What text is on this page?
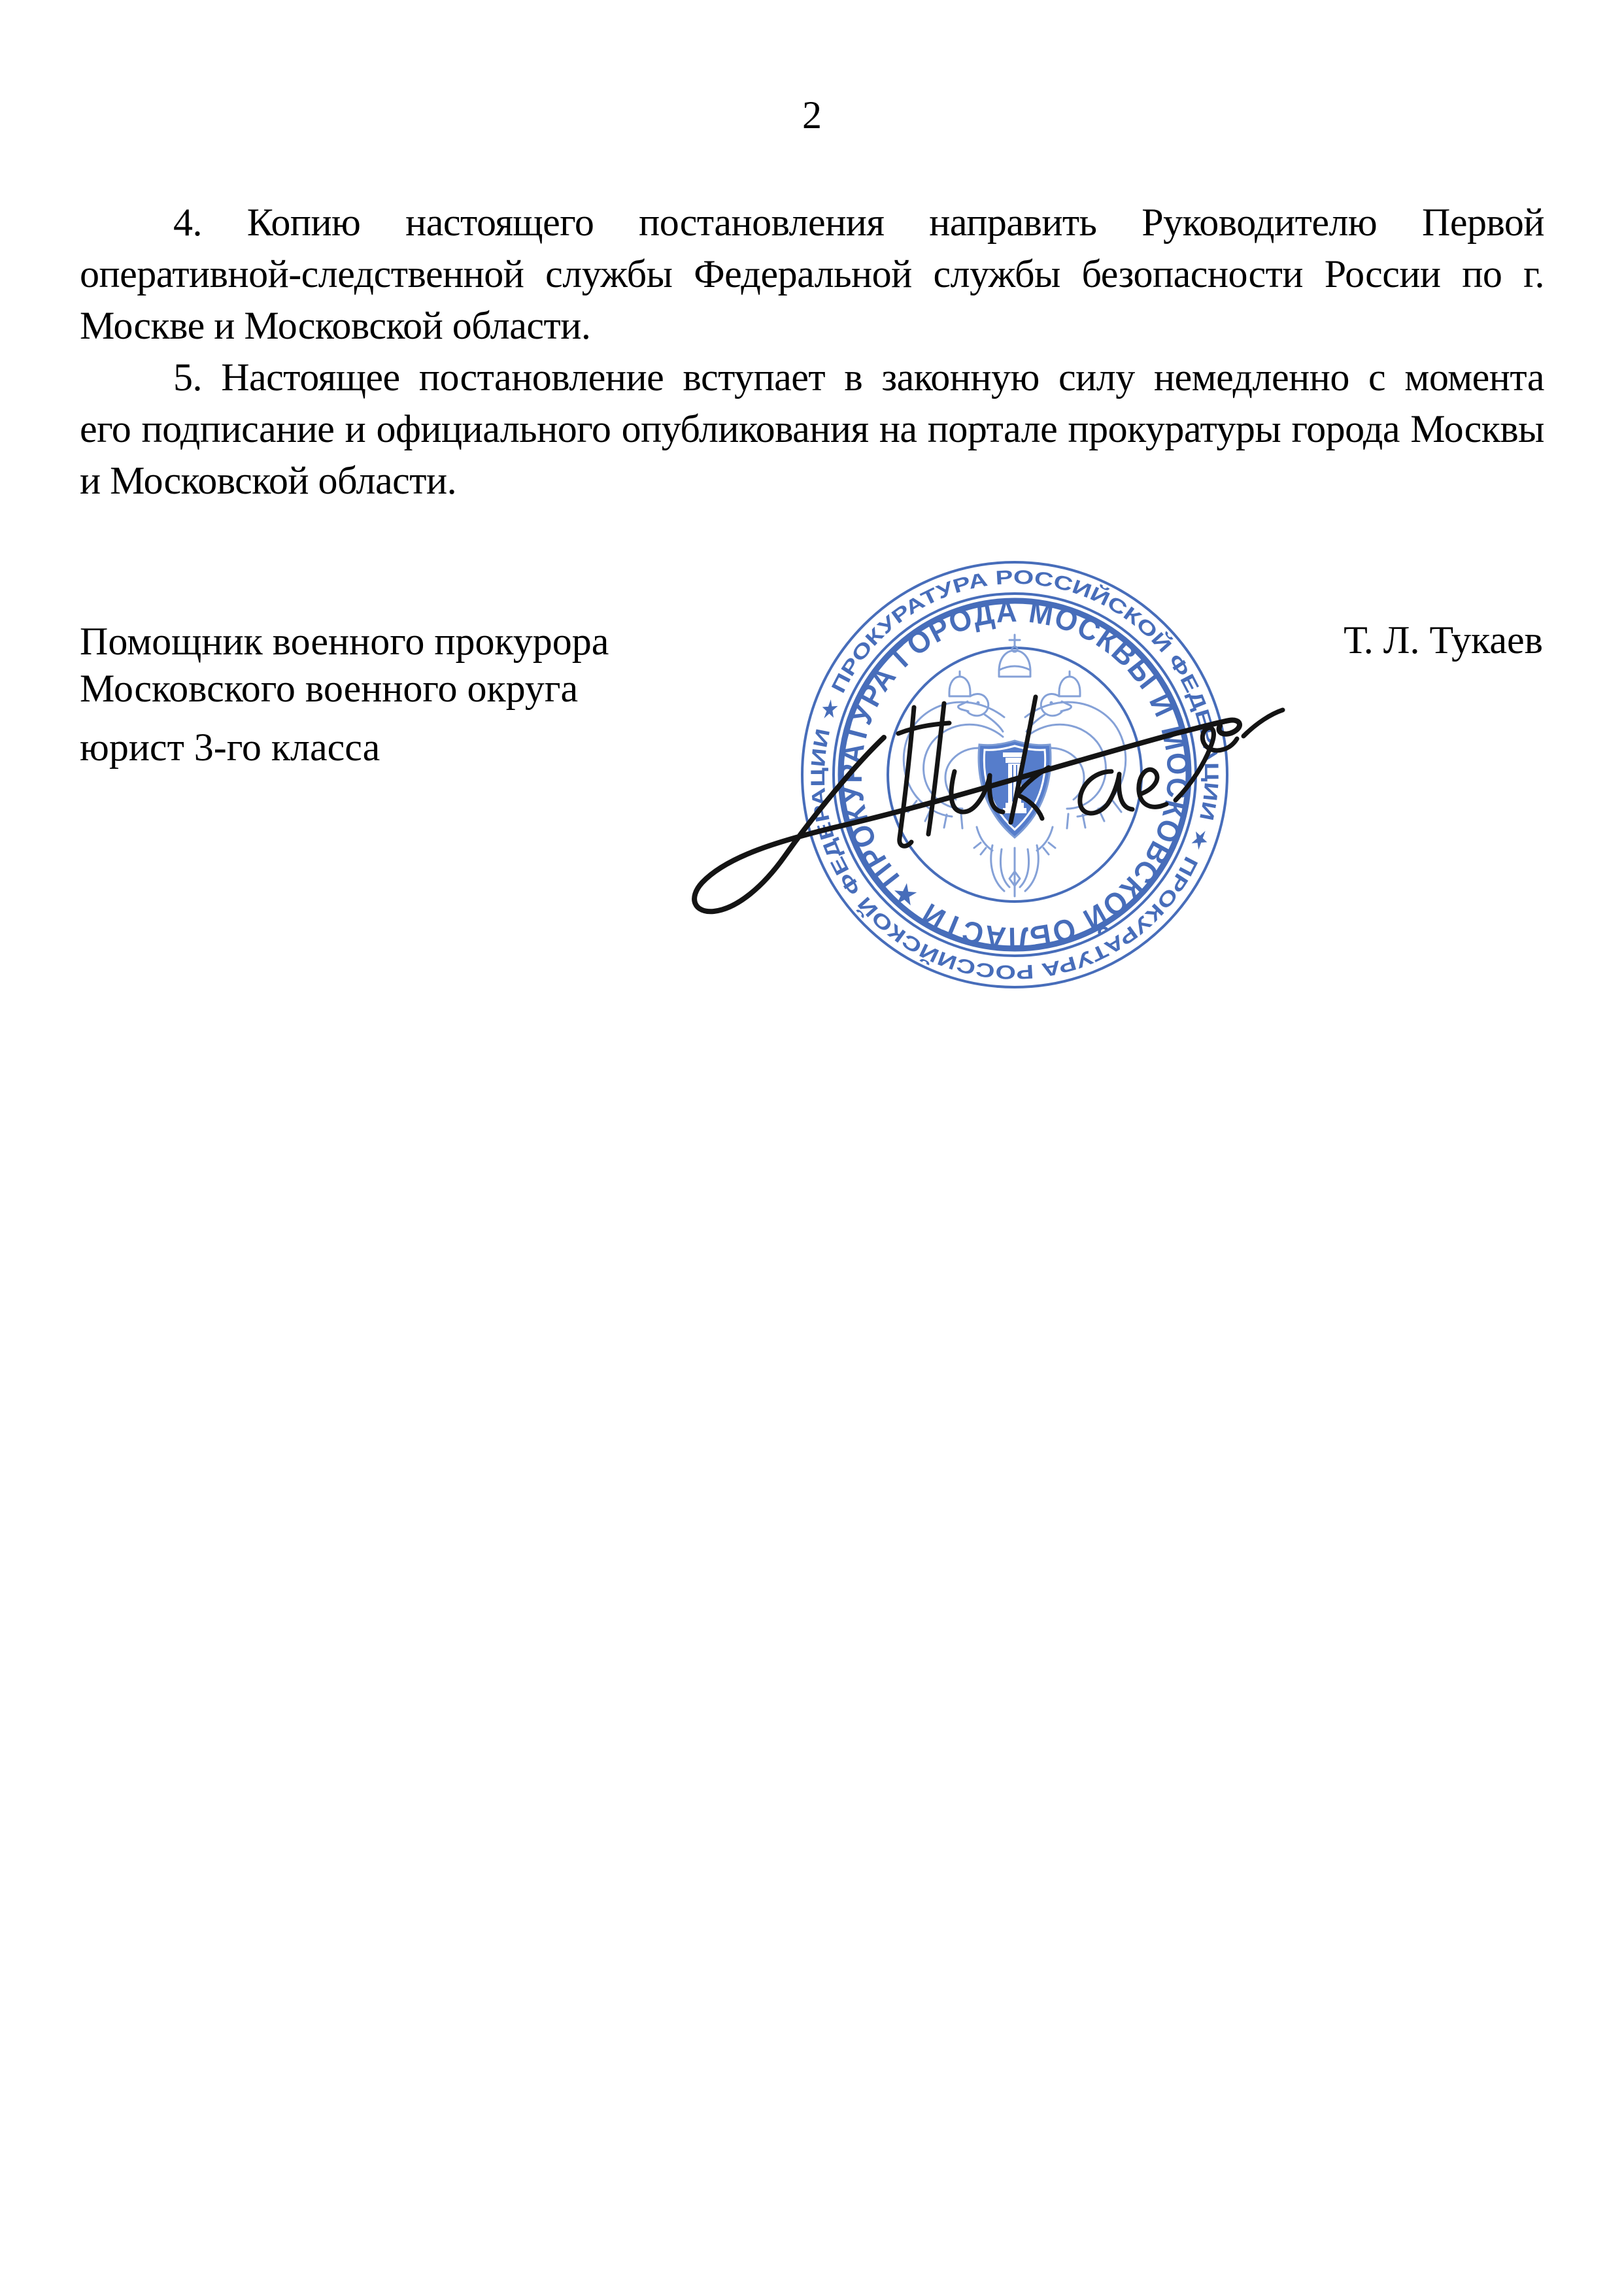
2
4. Копию настоящего постановления направить Руководителю Первой
оперативной-следственной службы Федеральной службы безопасности России по г.
Москве и Московской области.
5. Настоящее постановление вступает в законную силу немедленно с момента
его подписание и официального опубликования на портале прокуратуры города Москвы
и Московской области.
Помощник военного прокурора
Московского военного округа
юрист 3-го класса
Т. Л. Тукаев
ПРОКУРАТУРА РОССИЙСКОЙ ФЕДЕРАЦИИ ★ ПРОКУРАТУРА РОССИЙСКОЙ ФЕДЕРАЦИИ ★
ПРОКУРАТУРА ГОРОДА МОСКВЫ И МОСКОВСКОЙ ОБЛАСТИ ★
